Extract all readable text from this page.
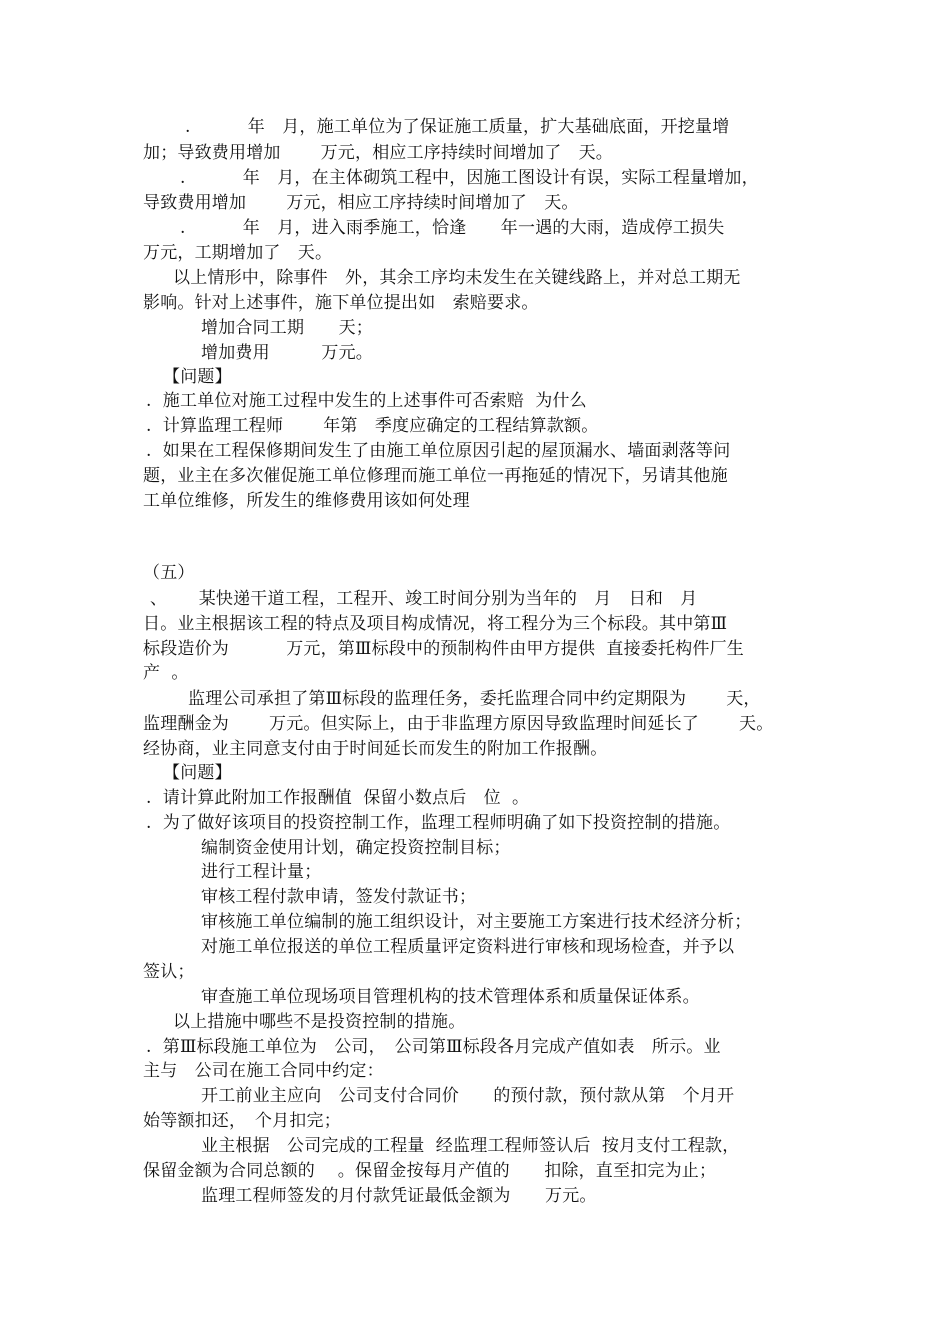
.　　　 年　月，施工单位为了保证施工质量，扩大基础底面，开挖量增
加；导致费用增加　　 万元，相应工序持续时间增加了　天。
.　　　 年　月，在主体砌筑工程中，因施工图设计有误，实际工程量增加，
导致费用增加　　 万元，相应工序持续时间增加了　天。
.　　　 年　月，进入雨季施工，恰逢　　年一遇的大雨，造成停工损失
万元，工期增加了　天。
以上情形中，除事件　外，其余工序均未发生在关键线路上，并对总工期无
影响。针对上述事件，施下单位提出如　索赔要求。
增加合同工期　　天；
增加费用　　　万元。
【问题】
.  施工单位对施工过程中发生的上述事件可否索赔  为什么
.  计算监理工程师　　 年第　季度应确定的工程结算款额。
.  如果在工程保修期间发生了由施工单位原因引起的屋顶漏水、墙面剥落等问
题，业主在多次催促施工单位修理而施工单位一再拖延的情况下，另请其他施
工单位维修，所发生的维修费用该如何处理
（五）
、　　 某快递干道工程，工程开、竣工时间分别为当年的　月　日和　月
日。业主根据该工程的特点及项目构成情况，将工程分为三个标段。其中第Ⅲ
标段造价为　　　 万元，第Ⅲ标段中的预制构件由甲方提供  直接委托构件厂生
产  。
监理公司承担了第Ⅲ标段的监理任务，委托监理合同中约定期限为　　 天，
监理酬金为　　 万元。但实际上，由于非监理方原因导致监理时间延长了　　 天。
经协商，业主同意支付由于时间延长而发生的附加工作报酬。
【问题】
.  请计算此附加工作报酬值  保留小数点后　位  。
.  为了做好该项目的投资控制工作，监理工程师明确了如下投资控制的措施。
编制资金使用计划，确定投资控制目标；
进行工程计量；
审核工程付款申请，签发付款证书；
审核施工单位编制的施工组织设计，对主要施工方案进行技术经济分析；
对施工单位报送的单位工程质量评定资料进行审核和现场检查，并予以
签认；
审查施工单位现场项目管理机构的技术管理体系和质量保证体系。
以上措施中哪些不是投资控制的措施。
.  第Ⅲ标段施工单位为　公司，　公司第Ⅲ标段各月完成产值如表　所示。业
主与　公司在施工合同中约定：
开工前业主应向　公司支付合同价　　的预付款，预付款从第　个月开
始等额扣还，　个月扣完；
业主根据　公司完成的工程量  经监理工程师签认后  按月支付工程款，
保留金额为合同总额的　 。保留金按每月产值的　　扣除，直至扣完为止；
监理工程师签发的月付款凭证最低金额为　　万元。
